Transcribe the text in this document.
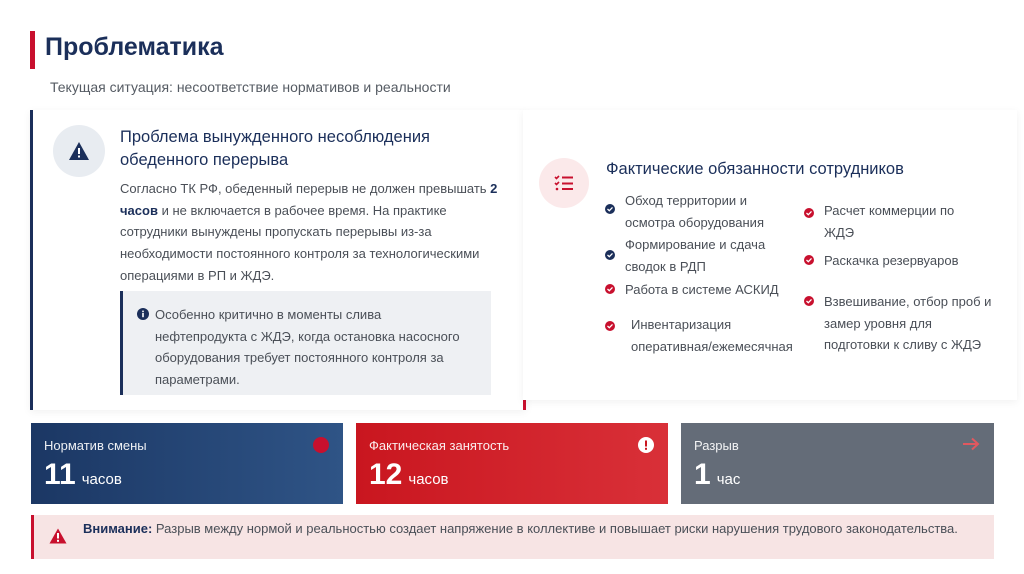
Проблематика
Текущая ситуация: несоответствие нормативов и реальности
Проблема вынужденного несоблюдения обеденного перерыва

Согласно ТК РФ, обеденный перерыв не должен превышать 2 часов и не включается в рабочее время. На практике сотрудники вынуждены пропускать перерывы из-за необходимости постоянного контроля за технологическими операциями в РП и ЖДЭ.

Особенно критично в моменты слива нефтепродукта с ЖДЭ, когда остановка насосного оборудования требует постоянного контроля за параметрами.

Фактические обязанности сотрудников
Обход территории и осмотра оборудования
Формирование и сдача сводок в РДП
Работа в системе АСКИД
Инвентаризация оперативная/ежемесячная
Расчет коммерции по ЖДЭ
Раскачка резервуаров
Взвешивание, отбор проб и замер уровня для подготовки к сливу с ЖДЭ
Норматив смены
11 часов
Фактическая занятость
12 часов
Разрыв
1 час

Внимание: Разрыв между нормой и реальностью создает напряжение в коллективе и повышает риски нарушения трудового законодательства.
